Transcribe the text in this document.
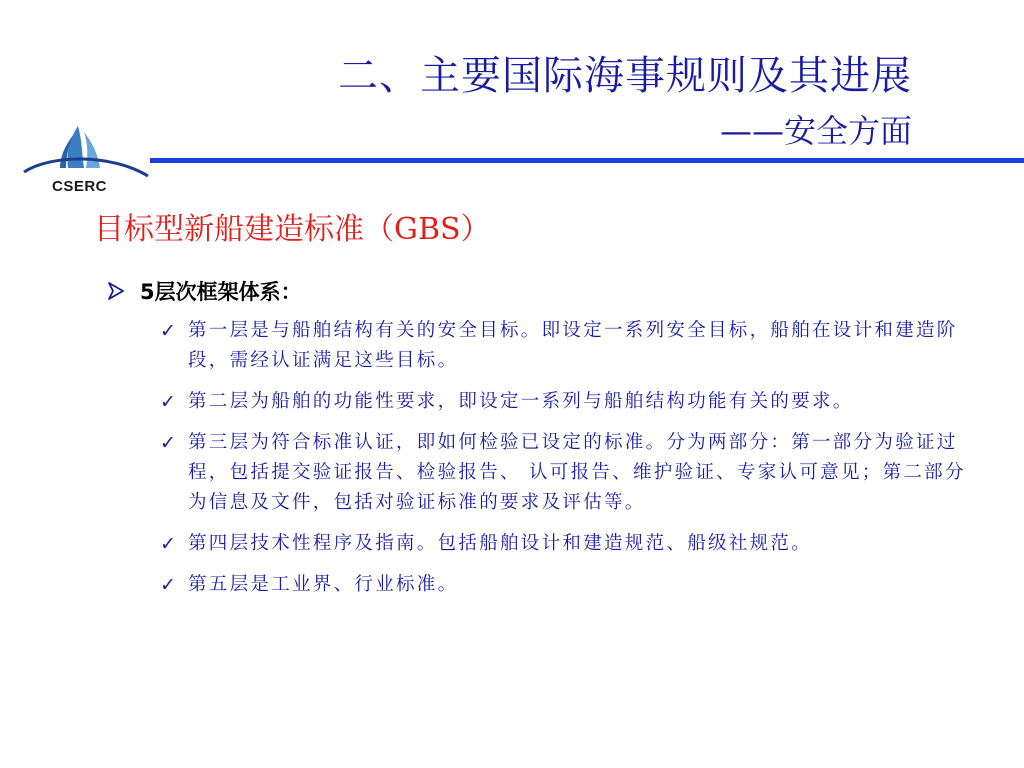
CSERC
二、主要国际海事规则及其进展
——安全方面
目标型新船建造标准（GBS）
5层次框架体系：
✓ 第一层是与船舶结构有关的安全目标。即设定一系列安全目标，船舶在设计和建造阶段，需经认证满足这些目标。
✓ 第二层为船舶的功能性要求，即设定一系列与船舶结构功能有关的要求。
✓ 第三层为符合标准认证，即如何检验已设定的标准。分为两部分：第一部分为验证过程，包括提交验证报告、检验报告、 认可报告、维护验证、专家认可意见；第二部分为信息及文件，包括对验证标准的要求及评估等。
✓ 第四层技术性程序及指南。包括船舶设计和建造规范、船级社规范。
✓ 第五层是工业界、行业标准。
